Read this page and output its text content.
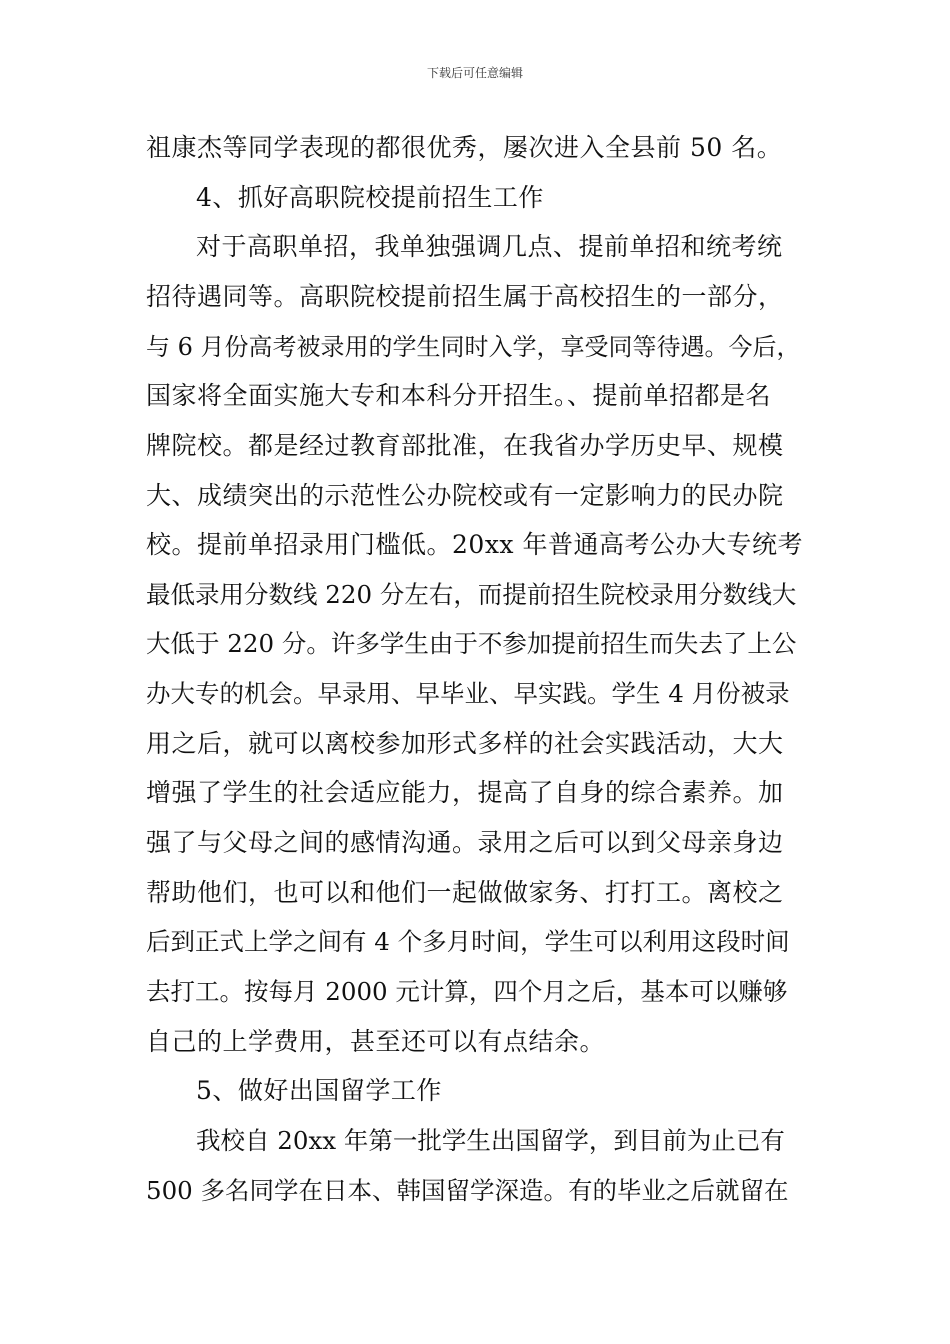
下载后可任意编辑
祖康杰等同学表现的都很优秀，屡次进入全县前 50 名。
4、抓好高职院校提前招生工作
对于高职单招，我单独强调几点、提前单招和统考统
招待遇同等。高职院校提前招生属于高校招生的一部分，
与 6 月份高考被录用的学生同时入学，享受同等待遇。今后，
国家将全面实施大专和本科分开招生。、提前单招都是名
牌院校。都是经过教育部批准，在我省办学历史早、规模
大、成绩突出的示范性公办院校或有一定影响力的民办院
校。提前单招录用门槛低。20xx 年普通高考公办大专统考
最低录用分数线 220 分左右，而提前招生院校录用分数线大
大低于 220 分。许多学生由于不参加提前招生而失去了上公
办大专的机会。早录用、早毕业、早实践。学生 4 月份被录
用之后，就可以离校参加形式多样的社会实践活动，大大
增强了学生的社会适应能力，提高了自身的综合素养。加
强了与父母之间的感情沟通。录用之后可以到父母亲身边
帮助他们，也可以和他们一起做做家务、打打工。离校之
后到正式上学之间有 4 个多月时间，学生可以利用这段时间
去打工。按每月 2000 元计算，四个月之后，基本可以赚够
自己的上学费用，甚至还可以有点结余。
5、做好出国留学工作
我校自 20xx 年第一批学生出国留学，到目前为止已有
500 多名同学在日本、韩国留学深造。有的毕业之后就留在
